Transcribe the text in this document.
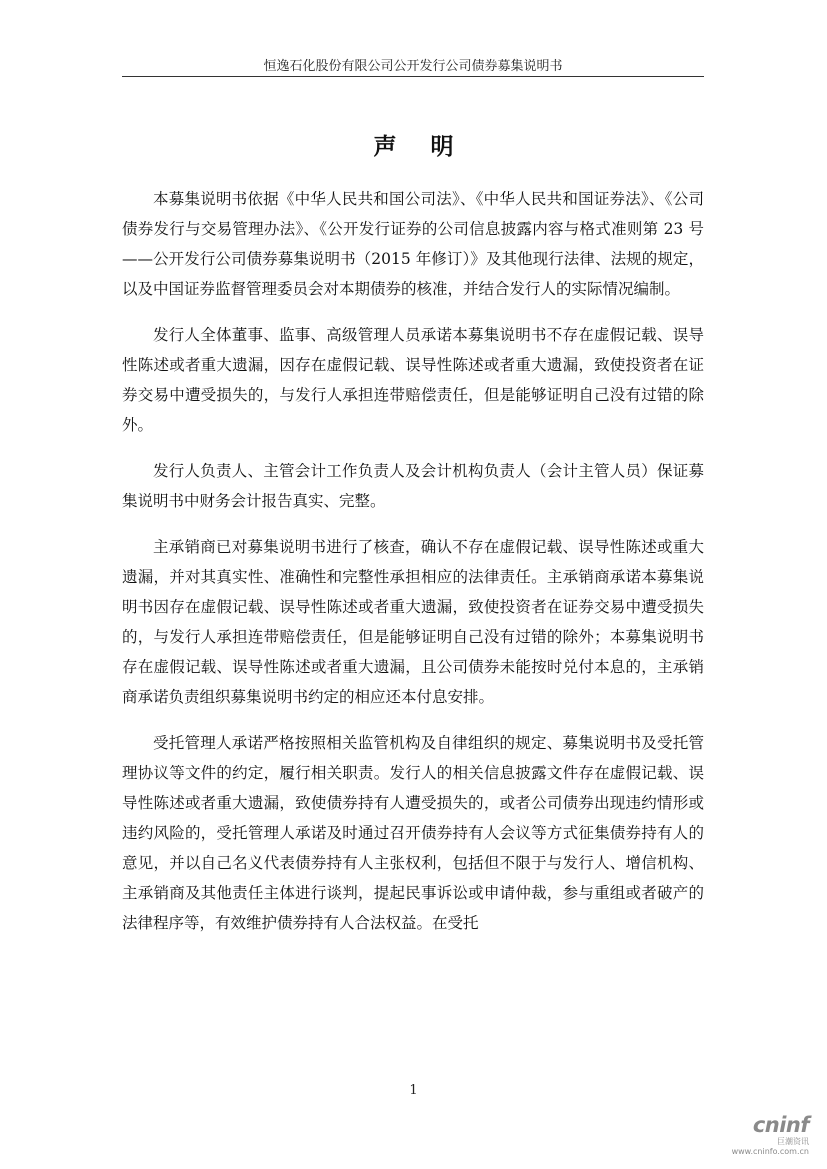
恒逸石化股份有限公司公开发行公司债券募集说明书
声明

本募集说明书依据《中华人民共和国公司法》、《中华人民共和国证券法》、《公司债券发行与交易管理办法》、《公开发行证券的公司信息披露内容与格式准则第 23 号——公开发行公司债券募集说明书（2015 年修订）》及其他现行法律、法规的规定，以及中国证券监督管理委员会对本期债券的核准，并结合发行人的实际情况编制。

发行人全体董事、监事、高级管理人员承诺本募集说明书不存在虚假记载、误导性陈述或者重大遗漏，因存在虚假记载、误导性陈述或者重大遗漏，致使投资者在证券交易中遭受损失的，与发行人承担连带赔偿责任，但是能够证明自己没有过错的除外。

发行人负责人、主管会计工作负责人及会计机构负责人（会计主管人员）保证募集说明书中财务会计报告真实、完整。

主承销商已对募集说明书进行了核查，确认不存在虚假记载、误导性陈述或重大遗漏，并对其真实性、准确性和完整性承担相应的法律责任。主承销商承诺本募集说明书因存在虚假记载、误导性陈述或者重大遗漏，致使投资者在证券交易中遭受损失的，与发行人承担连带赔偿责任，但是能够证明自己没有过错的除外；本募集说明书存在虚假记载、误导性陈述或者重大遗漏，且公司债券未能按时兑付本息的，主承销商承诺负责组织募集说明书约定的相应还本付息安排。

受托管理人承诺严格按照相关监管机构及自律组织的规定、募集说明书及受托管理协议等文件的约定，履行相关职责。发行人的相关信息披露文件存在虚假记载、误导性陈述或者重大遗漏，致使债券持有人遭受损失的，或者公司债券出现违约情形或违约风险的，受托管理人承诺及时通过召开债券持有人会议等方式征集债券持有人的意见，并以自己名义代表债券持有人主张权利，包括但不限于与发行人、增信机构、主承销商及其他责任主体进行谈判，提起民事诉讼或申请仲裁，参与重组或者破产的法律程序等，有效维护债券持有人合法权益。在受托

1
cninf
巨潮资讯
www.cninfo.com.cn
